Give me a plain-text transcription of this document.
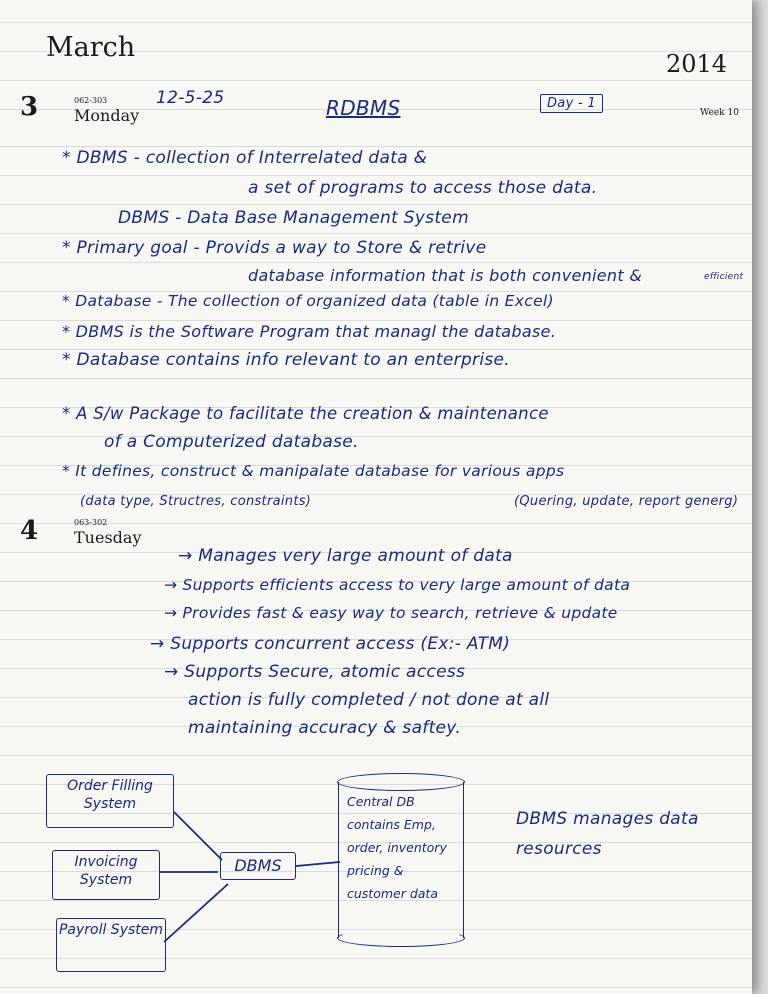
March
2014
3	062-303
Monday	Week 10
12-5-25	RDBMS	Day - 1
* DBMS - collection of Interrelated data &
a set of programs to access those data.
DBMS - Data Base Management System
* Primary goal - Provids a way to Store & retrive
database information that is both convenient &	efficient
* Database - The collection of organized data (table in Excel)
* DBMS is the Software Program that managl the database.
* Database contains info relevant to an enterprise.
* A S/w Package to facilitate the creation & maintenance
of a Computerized database.
* It defines, construct & manipalate database for various apps
(data type, Structres, constraints)	(Quering, update, report generg)
4	063-302
Tuesday
→ Manages very large amount of data
→ Supports efficients access to very large amount of data
→ Provides fast & easy way to search, retrieve & update
→ Supports concurrent access (Ex:- ATM)
→ Supports Secure, atomic access
action is fully completed / not done at all
maintaining accuracy & saftey.
Order Filling System
Invoicing System
Payroll System
DBMS
Central DB
contains Emp,
order, inventory
pricing &
customer data
DBMS manages data resources
